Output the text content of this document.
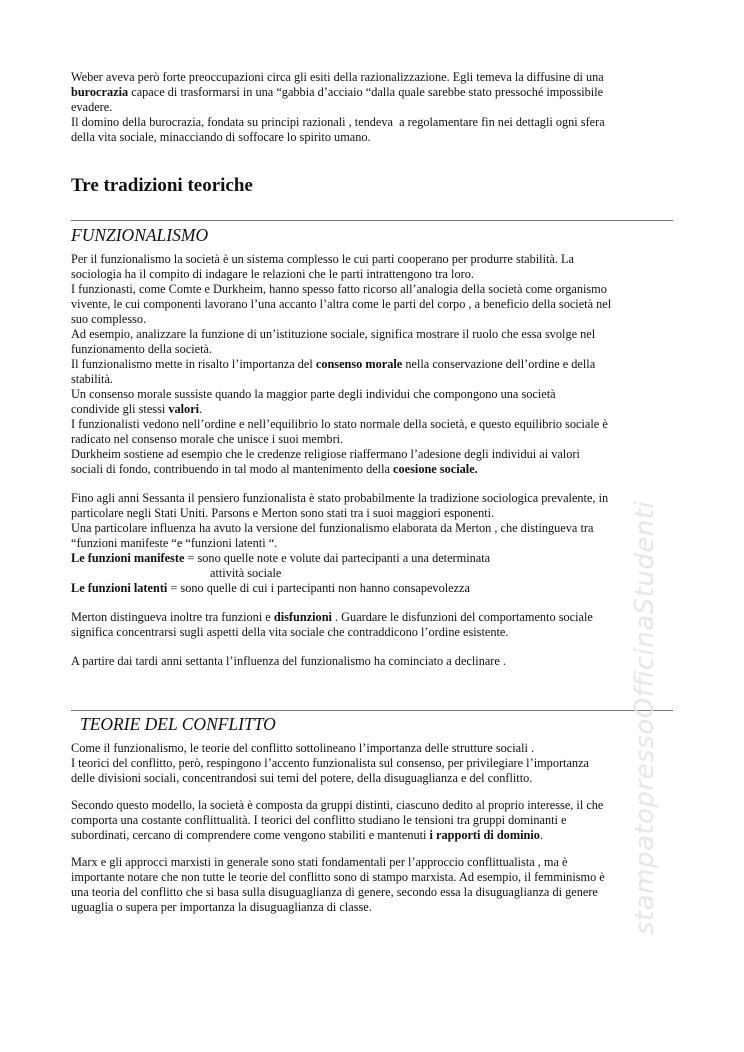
Weber aveva però forte preoccupazioni circa gli esiti della razionalizzazione. Egli temeva la diffusine di una
burocrazia capace di trasformarsi in una “gabbia d’acciaio “dalla quale sarebbe stato pressoché impossibile
evadere.
Il domino della burocrazia, fondata su principi razionali , tendeva  a regolamentare fin nei dettagli ogni sfera
della vita sociale, minacciando di soffocare lo spirito umano.
Tre tradizioni teoriche
FUNZIONALISMO
Per il funzionalismo la società è un sistema complesso le cui parti cooperano per produrre stabilità. La
sociologia ha il compito di indagare le relazioni che le parti intrattengono tra loro.
I funzionasti, come Comte e Durkheim, hanno spesso fatto ricorso all’analogia della società come organismo
vivente, le cui componenti lavorano l’una accanto l’altra come le parti del corpo , a beneficio della società nel
suo complesso.
Ad esempio, analizzare la funzione di un’istituzione sociale, significa mostrare il ruolo che essa svolge nel
funzionamento della società.
Il funzionalismo mette in risalto l’importanza del consenso morale nella conservazione dell’ordine e della
stabilità.
Un consenso morale sussiste quando la maggior parte degli individui che compongono una società
condivide gli stessi valori.
I funzionalisti vedono nell’ordine e nell’equilibrio lo stato normale della società, e questo equilibrio sociale è
radicato nel consenso morale che unisce i suoi membri.
Durkheim sostiene ad esempio che le credenze religiose riaffermano l’adesione degli individui ai valori
sociali di fondo, contribuendo in tal modo al mantenimento della coesione sociale.
Fino agli anni Sessanta il pensiero funzionalista è stato probabilmente la tradizione sociologica prevalente, in
particolare negli Stati Uniti. Parsons e Merton sono stati tra i suoi maggiori esponenti.
Una particolare influenza ha avuto la versione del funzionalismo elaborata da Merton , che distingueva tra
“funzioni manifeste “e “funzioni latenti “.
Le funzioni manifeste = sono quelle note e volute dai partecipanti a una determinata
attività sociale
Le funzioni latenti = sono quelle di cui i partecipanti non hanno consapevolezza
Merton distingueva inoltre tra funzioni e disfunzioni . Guardare le disfunzioni del comportamento sociale
significa concentrarsi sugli aspetti della vita sociale che contraddicono l’ordine esistente.
A partire dai tardi anni settanta l’influenza del funzionalismo ha cominciato a declinare .
TEORIE DEL CONFLITTO
Come il funzionalismo, le teorie del conflitto sottolineano l’importanza delle strutture sociali .
I teorici del conflitto, però, respingono l’accento funzionalista sul consenso, per privilegiare l’importanza
delle divisioni sociali, concentrandosi sui temi del potere, della disuguaglianza e del conflitto.
Secondo questo modello, la società è composta da gruppi distinti, ciascuno dedito al proprio interesse, il che
comporta una costante conflittualità. I teorici del conflitto studiano le tensioni tra gruppi dominanti e
subordinati, cercano di comprendere come vengono stabiliti e mantenuti i rapporti di dominio.
Marx e gli approcci marxisti in generale sono stati fondamentali per l’approccio conflittualista , ma è
importante notare che non tutte le teorie del conflitto sono di stampo marxista. Ad esempio, il femminismo è
una teoria del conflitto che si basa sulla disuguaglianza di genere, secondo essa la disuguaglianza di genere
uguaglia o supera per importanza la disuguaglianza di classe.	stampatopressoOfficinaStudenti
